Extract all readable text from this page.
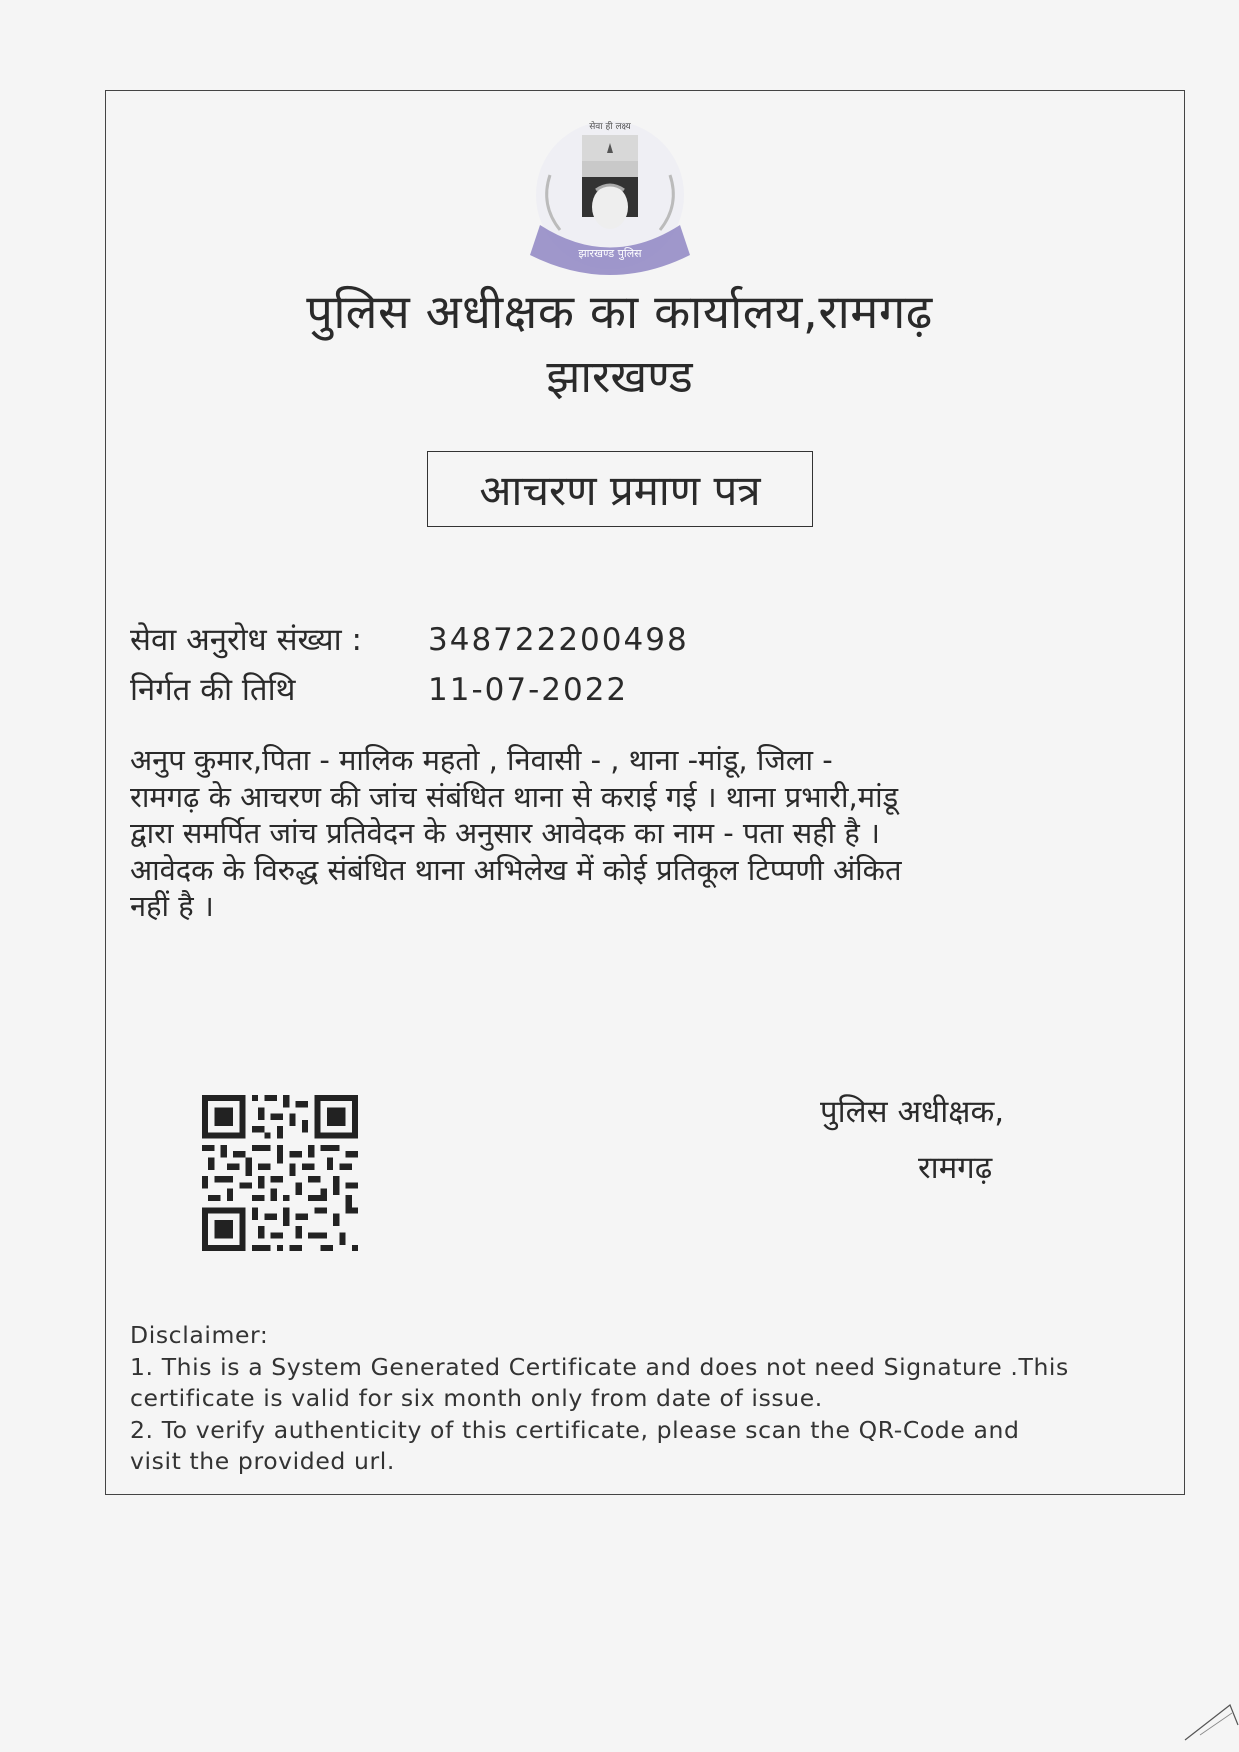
सेवा ही लक्ष्य
झारखण्ड पुलिस
पुलिस अधीक्षक का कार्यालय,रामगढ़
झारखण्ड
आचरण प्रमाण पत्र
सेवा अनुरोध संख्या : 348722200498
निर्गत की तिथि	11-07-2022
अनुप कुमार,पिता - मालिक महतो , निवासी - , थाना -मांडू, जिला -
रामगढ़ के आचरण की जांच संबंधित थाना से कराई गई । थाना प्रभारी,मांडू
द्वारा समर्पित जांच प्रतिवेदन के अनुसार आवेदक का नाम - पता सही है ।
आवेदक के विरुद्ध संबंधित थाना अभिलेख में कोई प्रतिकूल टिप्पणी अंकित
नहीं है ।
पुलिस अधीक्षक,
रामगढ़
Disclaimer:
1. This is a System Generated Certificate and does not need Signature .This
certificate is valid for six month only from date of issue.
2. To verify authenticity of this certificate, please scan the QR-Code and
visit the provided url.
